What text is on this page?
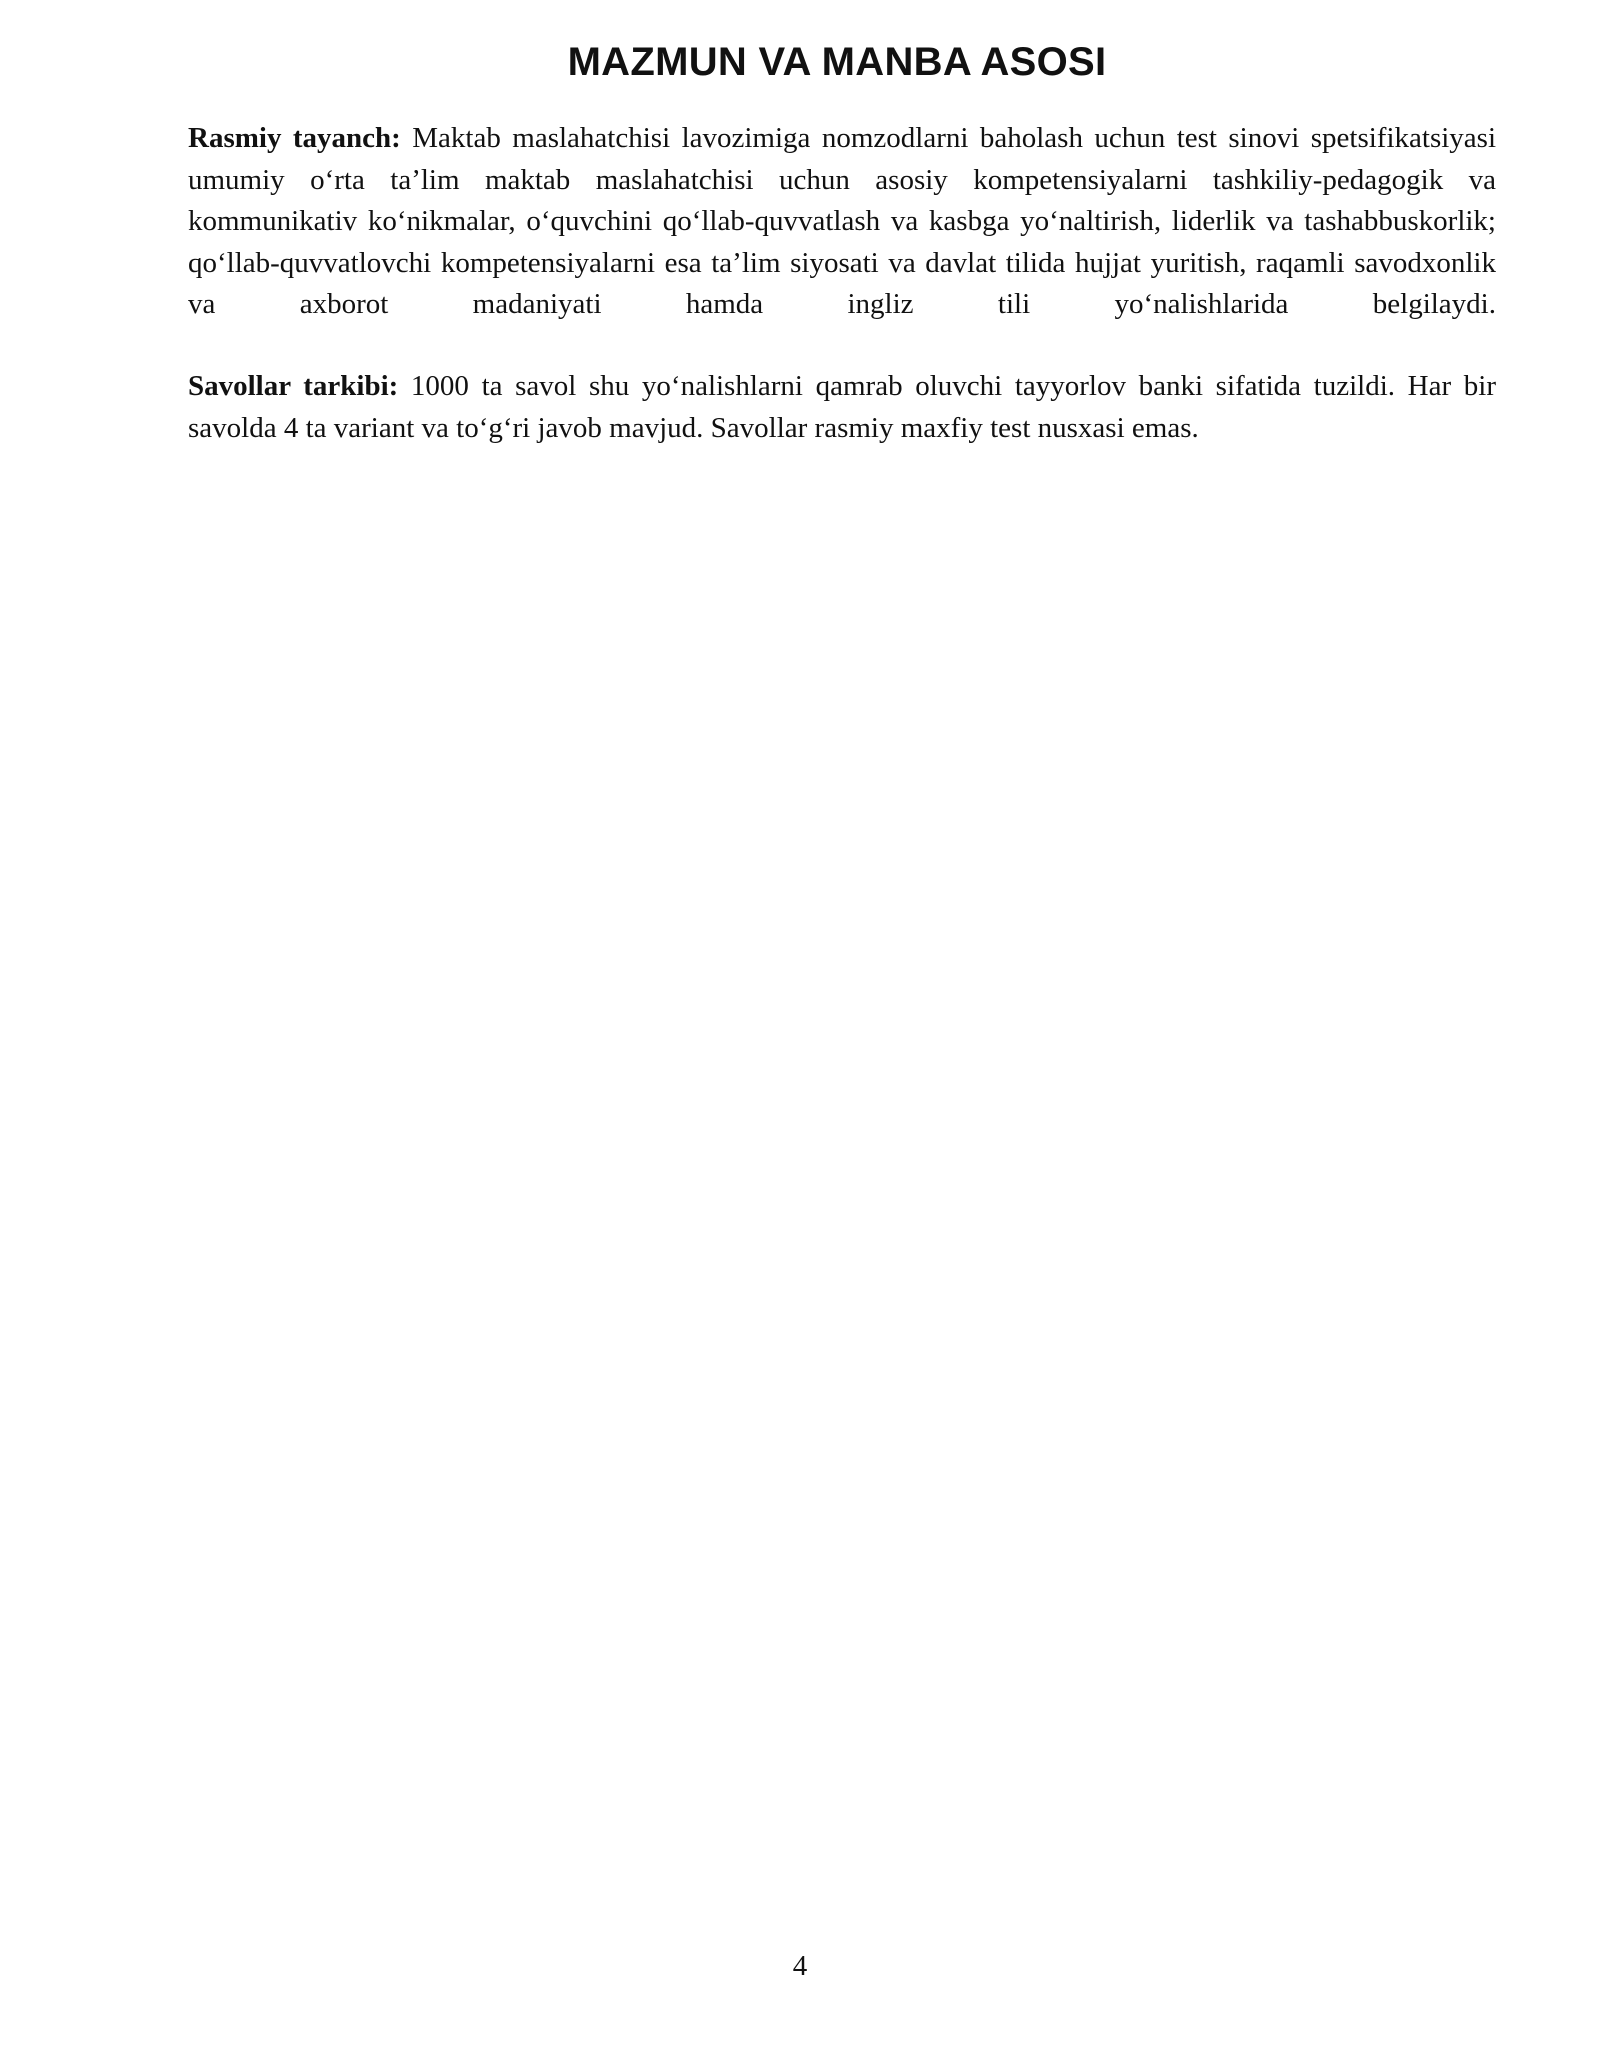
MAZMUN VA MANBA ASOSI

Rasmiy tayanch: Maktab maslahatchisi lavozimiga nomzodlarni baholash uchun test sinovi spetsifikatsiyasi umumiy o‘rta ta’lim maktab maslahatchisi uchun asosiy kompetensiyalarni tashkiliy-pedagogik va kommunikativ ko‘nikmalar, o‘quvchini qo‘llab-quvvatlash va kasbga yo‘naltirish, liderlik va tashabbuskorlik; qo‘llab-quvvatlovchi kompetensiyalarni esa ta’lim siyosati va davlat tilida hujjat yuritish, raqamli savodxonlik va axborot madaniyati hamda ingliz tili yo‘nalishlarida belgilaydi.

Savollar tarkibi: 1000 ta savol shu yo‘nalishlarni qamrab oluvchi tayyorlov banki sifatida tuzildi. Har bir savolda 4 ta variant va to‘g‘ri javob mavjud. Savollar rasmiy maxfiy test nusxasi emas.

4
